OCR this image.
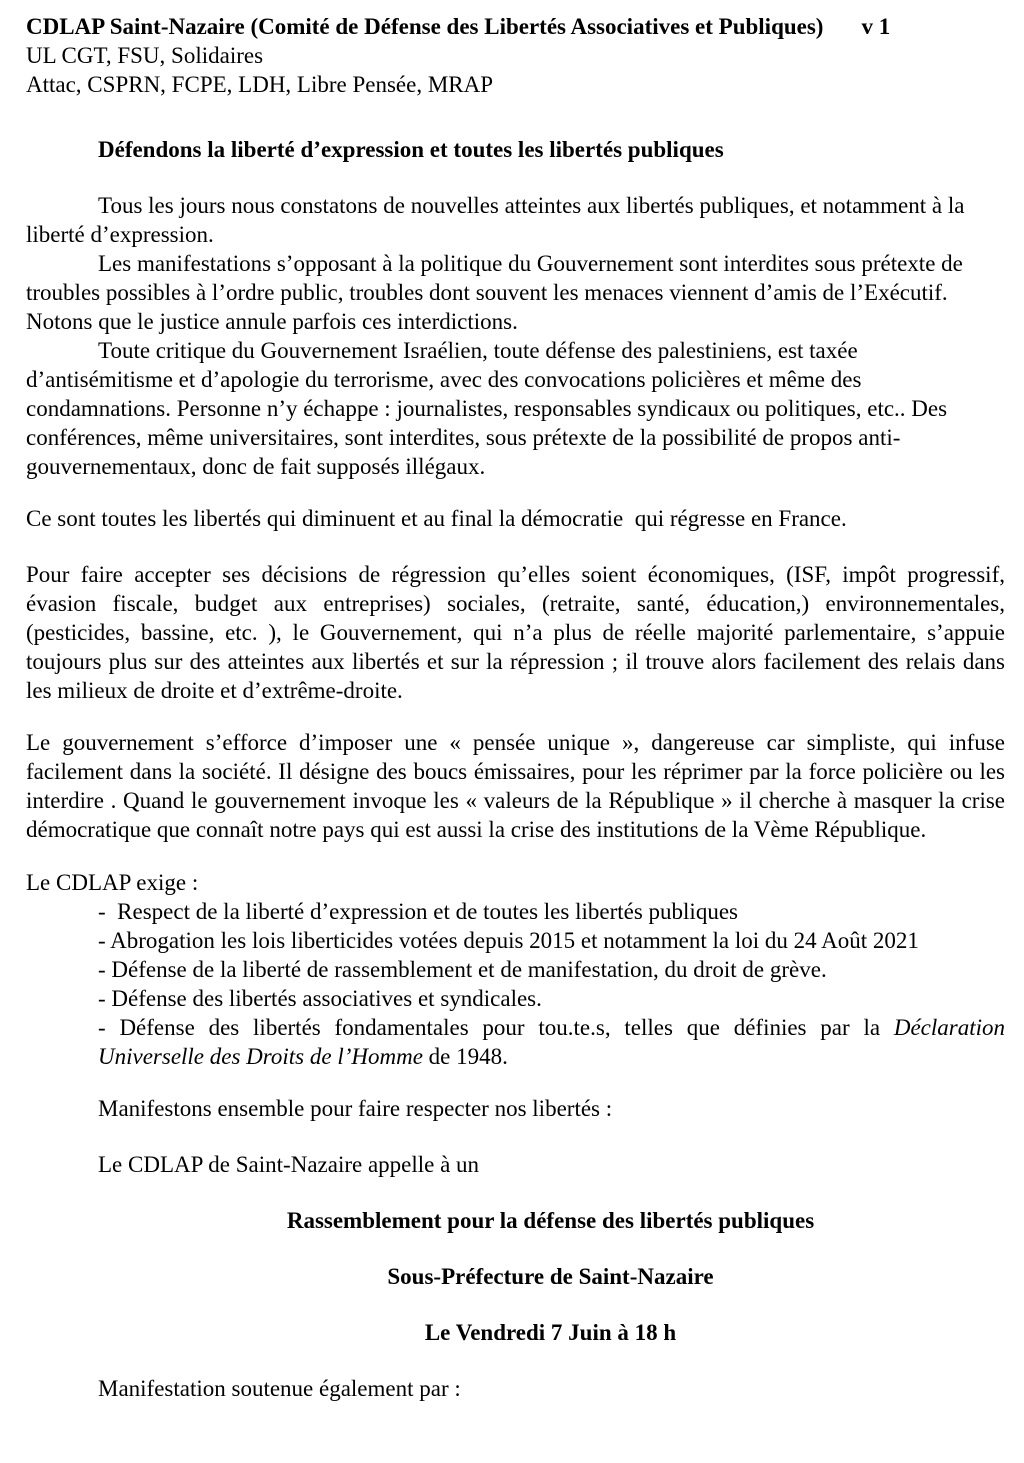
CDLAP Saint-Nazaire (Comité de Défense des Libertés Associatives et Publiques) v 1

UL CGT, FSU, Solidaires

Attac, CSPRN, FCPE, LDH, Libre Pensée, MRAP

Défendons la liberté d’expression et toutes les libertés publiques

Tous les jours nous constatons de nouvelles atteintes aux libertés publiques, et notamment à la liberté d’expression.

Les manifestations s’opposant à la politique du Gouvernement sont interdites sous prétexte de troubles possibles à l’ordre public, troubles dont souvent les menaces viennent d’amis de l’Exécutif. Notons que le justice annule parfois ces interdictions.

Toute critique du Gouvernement Israélien, toute défense des palestiniens, est taxée d’antisémitisme et d’apologie du terrorisme, avec des convocations policières et même des condamnations. Personne n’y échappe : journalistes, responsables syndicaux ou politiques, etc.. Des conférences, même universitaires, sont interdites, sous prétexte de la possibilité de propos anti-gouvernementaux, donc de fait supposés illégaux.

Ce sont toutes les libertés qui diminuent et au final la démocratie  qui régresse en France.

Pour faire accepter ses décisions de régression qu’elles soient économiques, (ISF, impôt progressif, évasion fiscale, budget aux entreprises) sociales, (retraite, santé, éducation,) environnementales, (pesticides, bassine, etc. ), le Gouvernement, qui n’a plus de réelle majorité parlementaire, s’appuie toujours plus sur des atteintes aux libertés et sur la répression ; il trouve alors facilement des relais dans les milieux de droite et d’extrême-droite.

Le gouvernement s’efforce d’imposer une « pensée unique », dangereuse car simpliste, qui infuse facilement dans la société. Il désigne des boucs émissaires, pour les réprimer par la force policière ou les interdire . Quand le gouvernement invoque les « valeurs de la République » il cherche à masquer la crise démocratique que connaît notre pays qui est aussi la crise des institutions de la Vème République.

Le CDLAP exige :

-  Respect de la liberté d’expression et de toutes les libertés publiques

- Abrogation les lois liberticides votées depuis 2015 et notamment la loi du 24 Août 2021

- Défense de la liberté de rassemblement et de manifestation, du droit de grève.

- Défense des libertés associatives et syndicales.

- Défense des libertés fondamentales pour tou.te.s, telles que définies par la Déclaration Universelle des Droits de l’Homme de 1948.

Manifestons ensemble pour faire respecter nos libertés :

Le CDLAP de Saint-Nazaire appelle à un

Rassemblement pour la défense des libertés publiques

Sous-Préfecture de Saint-Nazaire

Le Vendredi 7 Juin à 18 h

Manifestation soutenue également par :
